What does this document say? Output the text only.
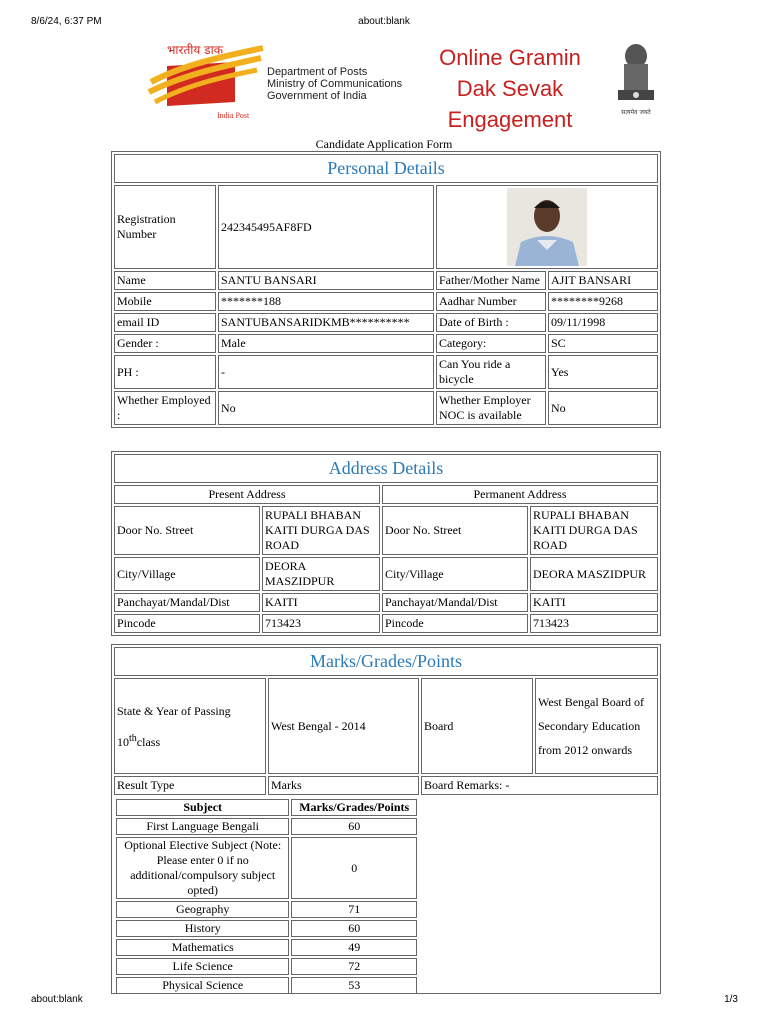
8/6/24, 6:37 PM	about:blank
भारतीय डाक
India Post
Department of Posts
Ministry of Communications
Government of India
Online Gramin
Dak Sevak
Engagement	सत्यमेव जयते
Candidate Application Form
Personal Details			
Registration Number	242345495AF8FD	

Name	SANTU BANSARI	Father/Mother Name	AJIT BANSARI
Mobile	*******188	Aadhar Number	********9268
email ID	SANTUBANSARIDKMB**********	Date of Birth :	09/11/1998
Gender :	Male	Category:	SC
PH :	-	Can You ride a bicycle	Yes
Whether Employed :	No	Whether Employer NOC is available	No
Address Details			
Present Address		Permanent Address	
Door No. Street	RUPALI BHABAN KAITI DURGA DAS ROAD	Door No. Street	RUPALI BHABAN KAITI DURGA DAS ROAD
City/Village	DEORA MASZIDPUR	City/Village	DEORA MASZIDPUR
Panchayat/Mandal/Dist	KAITI	Panchayat/Mandal/Dist	KAITI
Pincode	713423	Pincode	713423
Marks/Grades/Points
State & Year of Passing
10thclass	West Bengal - 2014	Board	West Bengal Board of Secondary Education from 2012 onwards
Result Type	Marks	Board Remarks: -

Subject	Marks/Grades/Points
First Language Bengali	60
Optional Elective Subject (Note: Please enter 0 if no additional/compulsory subject opted)	0
Geography	71
History	60
Mathematics	49
Life Science	72
Physical Science	53

about:blank	1/3
